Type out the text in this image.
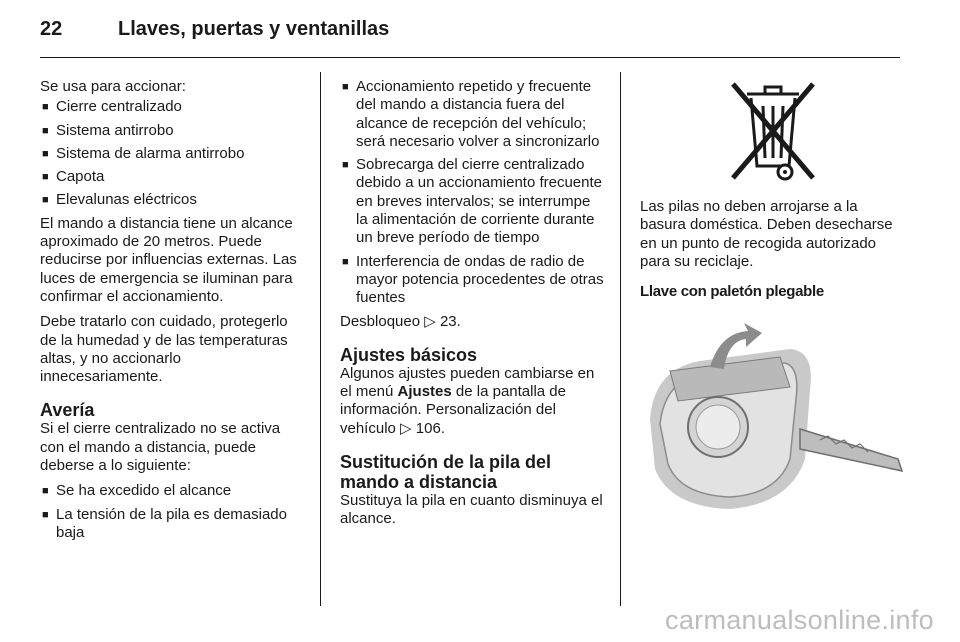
22	Llaves, puertas y ventanillas

Se usa para accionar:

■ Cierre centralizado
■ Sistema antirrobo
■ Sistema de alarma antirrobo
■ Capota
■ Elevalunas eléctricos

El mando a distancia tiene un alcance aproximado de 20 metros. Puede reducirse por influencias externas. Las luces de emergencia se iluminan para confirmar el accionamiento.

Debe tratarlo con cuidado, protegerlo de la humedad y de las temperaturas altas, y no accionarlo innecesariamente.

Avería

Si el cierre centralizado no se activa con el mando a distancia, puede deberse a lo siguiente:

■ Se ha excedido el alcance
■ La tensión de la pila es demasiado baja
■ Accionamiento repetido y frecuente del mando a distancia fuera del alcance de recepción del vehículo; será necesario volver a sincronizarlo
■ Sobrecarga del cierre centralizado debido a un accionamiento frecuente en breves intervalos; se interrumpe la alimentación de corriente durante un breve período de tiempo
■ Interferencia de ondas de radio de mayor potencia procedentes de otras fuentes

Desbloqueo ▷ 23.

Ajustes básicos

Algunos ajustes pueden cambiarse en el menú Ajustes de la pantalla de información. Personalización del vehículo ▷ 106.

Sustitución de la pila del mando a distancia

Sustituya la pila en cuanto disminuya el alcance.

Las pilas no deben arrojarse a la basura doméstica. Deben desecharse en un punto de recogida autorizado para su reciclaje.

Llave con paletón plegable
carmanualsonline.info
